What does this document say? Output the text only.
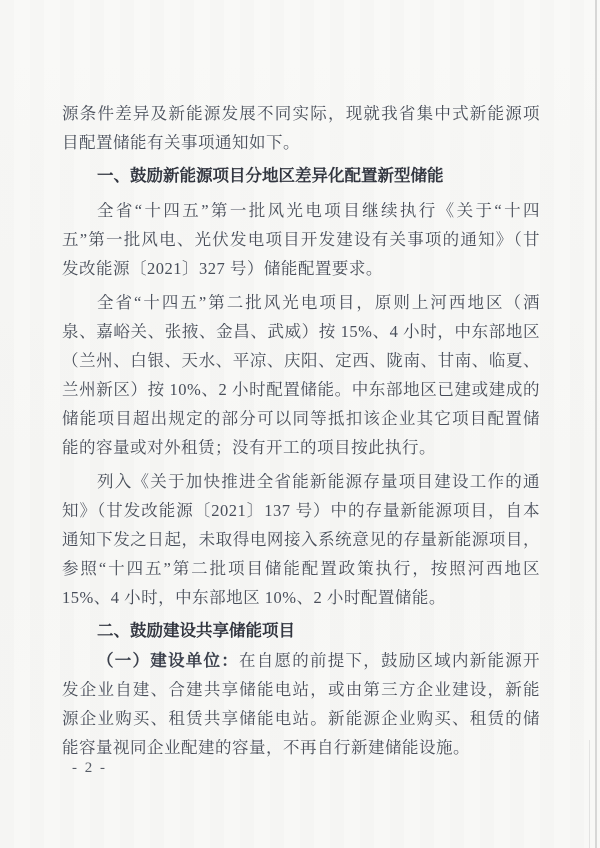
源条件差异及新能源发展不同实际，现就我省集中式新能源项
目配置储能有关事项通知如下。
一、鼓励新能源项目分地区差异化配置新型储能
全省“十四五”第一批风光电项目继续执行《关于“十四
五”第一批风电、光伏发电项目开发建设有关事项的通知》（甘
发改能源〔2021〕327 号）储能配置要求。
全省“十四五”第二批风光电项目，原则上河西地区（酒
泉、嘉峪关、张掖、金昌、武威）按 15%、4 小时，中东部地区
（兰州、白银、天水、平凉、庆阳、定西、陇南、甘南、临夏、
兰州新区）按 10%、2 小时配置储能。中东部地区已建或建成的
储能项目超出规定的部分可以同等抵扣该企业其它项目配置储
能的容量或对外租赁；没有开工的项目按此执行。
列入《关于加快推进全省能新能源存量项目建设工作的通
知》（甘发改能源〔2021〕137 号）中的存量新能源项目，自本
通知下发之日起，未取得电网接入系统意见的存量新能源项目，
参照“十四五”第二批项目储能配置政策执行，按照河西地区
15%、4 小时，中东部地区 10%、2 小时配置储能。
二、鼓励建设共享储能项目
（一）建设单位：在自愿的前提下，鼓励区域内新能源开
发企业自建、合建共享储能电站，或由第三方企业建设，新能
源企业购买、租赁共享储能电站。新能源企业购买、租赁的储
能容量视同企业配建的容量，不再自行新建储能设施。
- 2 -
